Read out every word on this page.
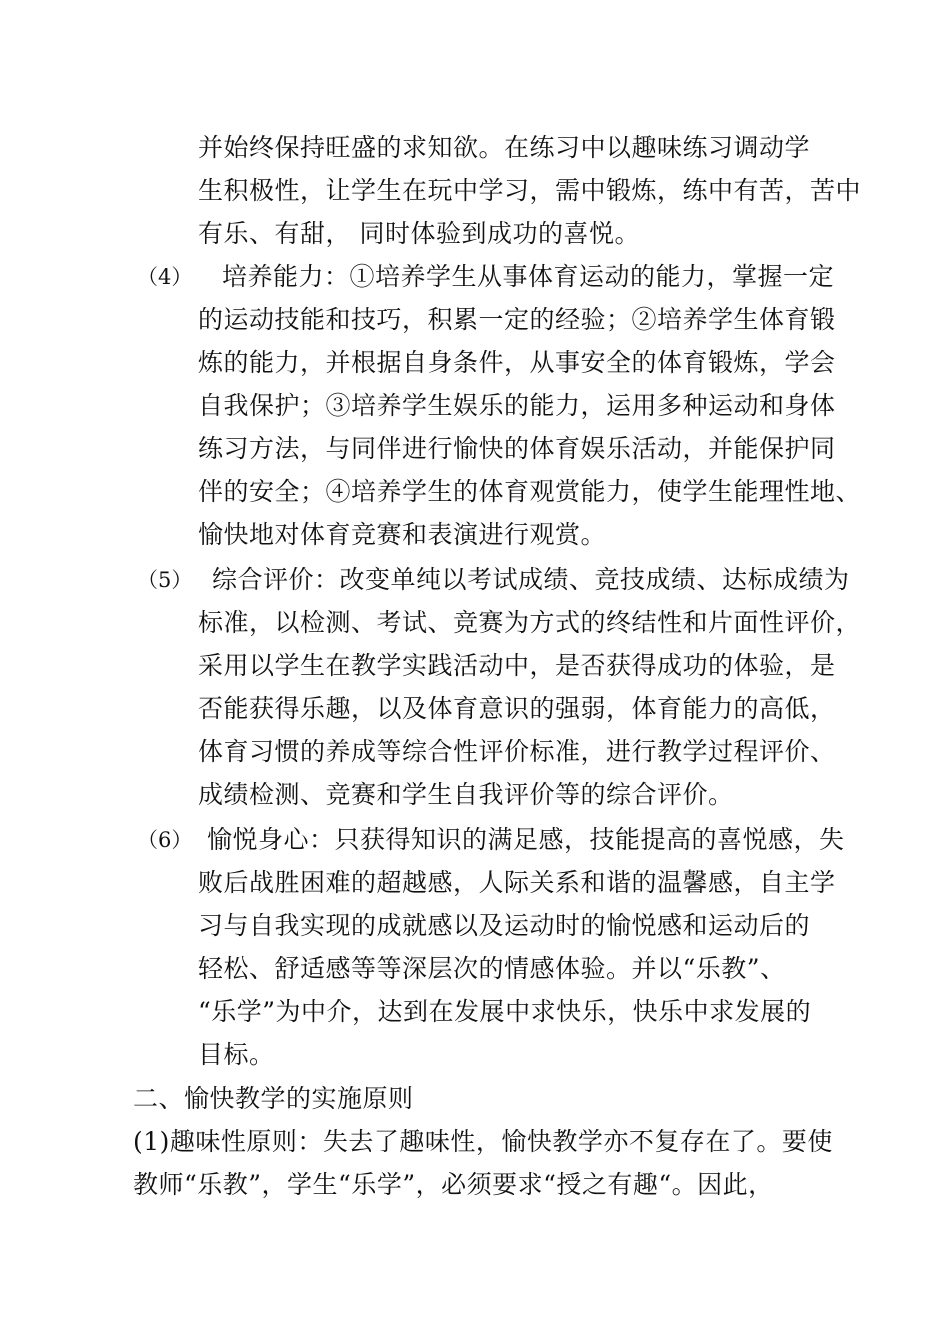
并始终保持旺盛的求知欲。在练习中以趣味练习调动学
生积极性，让学生在玩中学习，需中锻炼，练中有苦，苦中
有乐、有甜， 同时体验到成功的喜悦。
（4） 培养能力：①培养学生从事体育运动的能力，掌握一定
的运动技能和技巧，积累一定的经验；②培养学生体育锻
炼的能力，并根据自身条件，从事安全的体育锻炼，学会
自我保护；③培养学生娱乐的能力，运用多种运动和身体
练习方法，与同伴进行愉快的体育娱乐活动，并能保护同
伴的安全；④培养学生的体育观赏能力，使学生能理性地、
愉快地对体育竞赛和表演进行观赏。
（5） 综合评价：改变单纯以考试成绩、竞技成绩、达标成绩为
标准，以检测、考试、竞赛为方式的终结性和片面性评价，
采用以学生在教学实践活动中，是否获得成功的体验，是
否能获得乐趣，以及体育意识的强弱，体育能力的高低，
体育习惯的养成等综合性评价标准，进行教学过程评价、
成绩检测、竞赛和学生自我评价等的综合评价。
（6） 愉悦身心：只获得知识的满足感，技能提高的喜悦感，失
败后战胜困难的超越感，人际关系和谐的温馨感，自主学
习与自我实现的成就感以及运动时的愉悦感和运动后的
轻松、舒适感等等深层次的情感体验。并以“乐教”、
“乐学”为中介，达到在发展中求快乐，快乐中求发展的
目标。
二、愉快教学的实施原则
(1)趣味性原则：失去了趣味性，愉快教学亦不复存在了。要使
教师“乐教”，学生“乐学”，必须要求“授之有趣“。因此，
